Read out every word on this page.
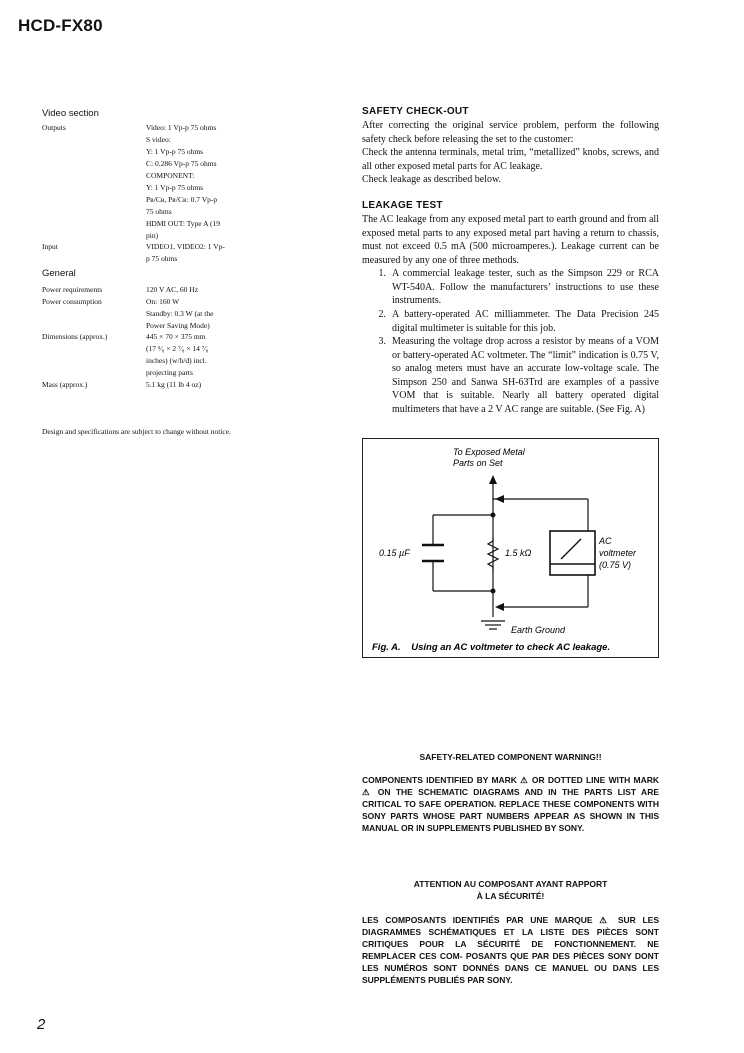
HCD-FX80
2
Video section
Outputs	Video: 1 Vp-p 75 ohms
S video:
Y: 1 Vp-p 75 ohms
C: 0.286 Vp-p 75 ohms
COMPONENT:
Y: 1 Vp-p 75 ohms
Pв/Cв, Pʀ/Cʀ: 0.7 Vp-p
75 ohms
HDMI OUT: Type A (19
pin)
Input	VIDEO1, VIDEO2: 1 Vp-
p 75 ohms
General
Power requirements	120 V AC, 60 Hz
Power consumption	On: 160 W
Standby: 0.3 W (at the
Power Saving Mode)
Dimensions (approx.)	445 × 70 × 375 mm
(17 ⁵⁄₈ × 2 ⁷⁄₈ × 14 ⁷⁄₈
inches) (w/h/d) incl.
projecting parts
Mass (approx.)	5.1 kg (11 lb 4 oz)
Design and specifications are subject to change without notice.
SAFETY CHECK-OUT
After correcting the original service problem, perform the following safety check before releasing the set to the customer:
Check the antenna terminals, metal trim, “metallized” knobs, screws, and all other exposed metal parts for AC leakage.
Check leakage as described below.
LEAKAGE TEST
The AC leakage from any exposed metal part to earth ground and from all exposed metal parts to any exposed metal part having a return to chassis, must not exceed 0.5 mA (500 microamperes.). Leakage current can be measured by any one of three methods.
1. A commercial leakage tester, such as the Simpson 229 or RCA WT-540A. Follow the manufacturers’ instructions to use these instruments.
2. A battery-operated AC milliammeter. The Data Precision 245 digital multimeter is suitable for this job.
3. Measuring the voltage drop across a resistor by means of a VOM or battery-operated AC voltmeter. The “limit” indication is 0.75 V, so analog meters must have an accurate low-voltage scale. The Simpson 250 and Sanwa SH-63Trd are examples of a passive VOM that is suitable. Nearly all battery operated digital multimeters that have a 2 V AC range are suitable. (See Fig. A)
To Exposed Metal
Parts on Set
0.15 µF	1.5 kΩ
AC
voltmeter
(0.75 V)
Earth Ground
Fig. A.    Using an AC voltmeter to check AC leakage.
SAFETY-RELATED COMPONENT WARNING!!
COMPONENTS IDENTIFIED BY MARK ⚠ OR DOTTED LINE WITH MARK ⚠ ON THE SCHEMATIC DIAGRAMS AND IN THE PARTS LIST ARE CRITICAL TO SAFE OPERATION. REPLACE THESE COMPONENTS WITH SONY PARTS WHOSE PART NUMBERS APPEAR AS SHOWN IN THIS MANUAL OR IN SUPPLEMENTS PUBLISHED BY SONY.
ATTENTION AU COMPOSANT AYANT RAPPORT
À LA SÉCURITÉ!
LES COMPOSANTS IDENTIFIÉS PAR UNE MARQUE ⚠ SUR LES DIAGRAMMES SCHÉMATIQUES ET LA LISTE DES PIÈCES SONT CRITIQUES POUR LA SÉCURITÉ DE FONCTIONNEMENT. NE REMPLACER CES COM- POSANTS QUE PAR DES PIÈCES SONY DONT LES NUMÉROS SONT DONNÉS DANS CE MANUEL OU DANS LES SUPPLÉMENTS PUBLIÉS PAR SONY.
